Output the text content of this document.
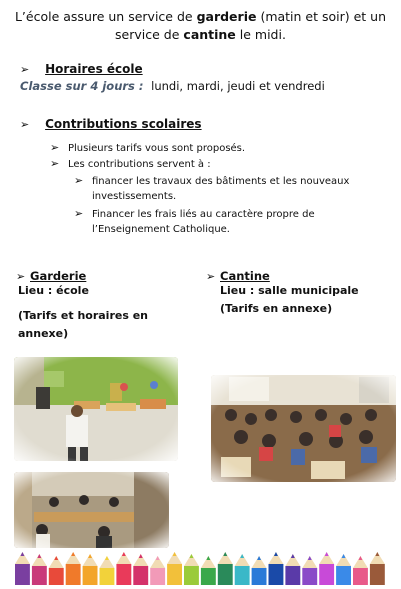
L’école assure un service de garderie (matin et soir) et un service de cantine le midi.
➢ Horaires école
Classe sur 4 jours : lundi, mardi, jeudi et vendredi
➢ Contributions scolaires
➢ Plusieurs tarifs vous sont proposés.
➢ Les contributions servent à :
➢ financer les travaux des bâtiments et les nouveaux
investissements.
➢ Financer les frais liés au caractère propre de
l’Enseignement Catholique.
➢ Garderie
Lieu : école
(Tarifs et horaires en
annexe)
➢ Cantine
Lieu : salle municipale
(Tarifs en annexe)
